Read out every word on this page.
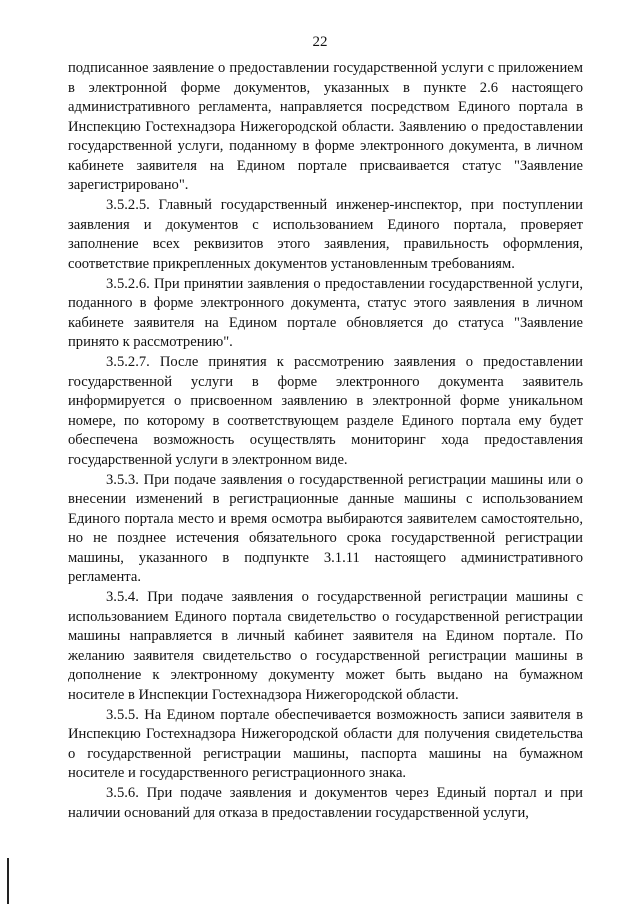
22

подписанное заявление о предоставлении государственной услуги с приложением в электронной форме документов, указанных в пункте 2.6 настоящего административного регламента, направляется посредством Единого портала в Инспекцию Гостехнадзора Нижегородской области. Заявлению о предоставлении государственной услуги, поданному в форме электронного документа, в личном кабинете заявителя на Едином портале присваивается статус "Заявление зарегистрировано".

3.5.2.5. Главный государственный инженер-инспектор, при поступлении заявления и документов с использованием Единого портала, проверяет заполнение всех реквизитов этого заявления, правильность оформления, соответствие прикрепленных документов установленным требованиям.

3.5.2.6. При принятии заявления о предоставлении государственной услуги, поданного в форме электронного документа, статус этого заявления в личном кабинете заявителя на Едином портале обновляется до статуса "Заявление принято к рассмотрению".

3.5.2.7. После принятия к рассмотрению заявления о предоставлении государственной услуги в форме электронного документа заявитель информируется о присвоенном заявлению в электронной форме уникальном номере, по которому в соответствующем разделе Единого портала ему будет обеспечена возможность осуществлять мониторинг хода предоставления государственной услуги в электронном виде.

3.5.3. При подаче заявления о государственной регистрации машины или о внесении изменений в регистрационные данные машины с использованием Единого портала место и время осмотра выбираются заявителем самостоятельно, но не позднее истечения обязательного срока государственной регистрации машины, указанного в подпункте 3.1.11 настоящего административного регламента.

3.5.4. При подаче заявления о государственной регистрации машины с использованием Единого портала свидетельство о государственной регистрации машины направляется в личный кабинет заявителя на Едином портале. По желанию заявителя свидетельство о государственной регистрации машины в дополнение к электронному документу может быть выдано на бумажном носителе в Инспекции Гостехнадзора Нижегородской области.

3.5.5. На Едином портале обеспечивается возможность записи заявителя в Инспекцию Гостехнадзора Нижегородской области для получения свидетельства о государственной регистрации машины, паспорта машины на бумажном носителе и государственного регистрационного знака.

3.5.6. При подаче заявления и документов через Единый портал и при наличии оснований для отказа в предоставлении государственной услуги,
